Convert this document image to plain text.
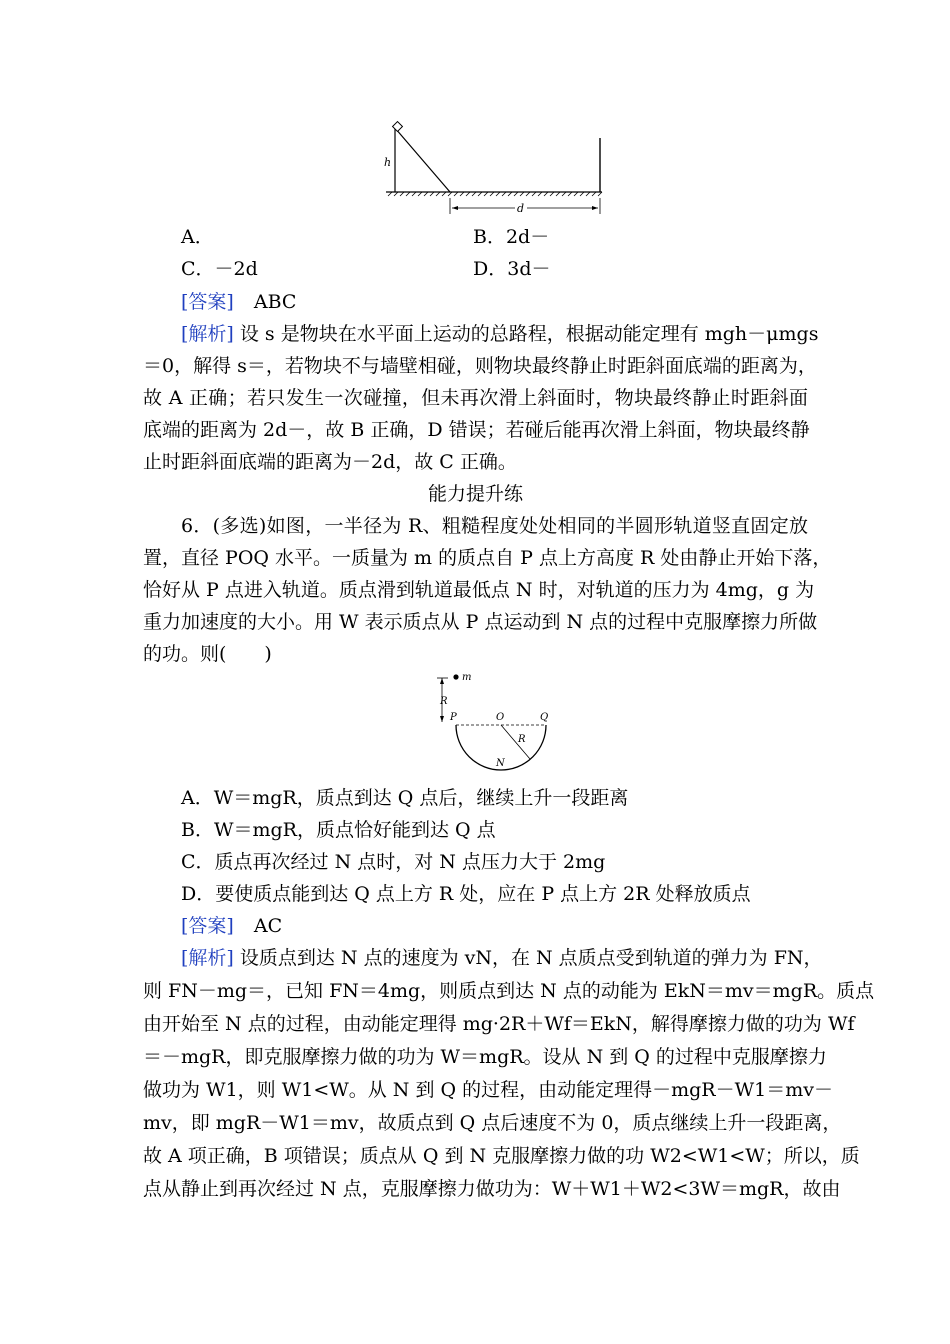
h
d
A．	B．2d－
C．－2d	D．3d－
[答案] ABC
[解析] 设 s 是物块在水平面上运动的总路程，根据动能定理有 mgh－μmgs
＝0，解得 s＝，若物块不与墙壁相碰，则物块最终静止时距斜面底端的距离为，
故 A 正确；若只发生一次碰撞，但未再次滑上斜面时，物块最终静止时距斜面
底端的距离为 2d－，故 B 正确，D 错误；若碰后能再次滑上斜面，物块最终静
止时距斜面底端的距离为－2d，故 C 正确。
能力提升练
6．(多选)如图，一半径为 R、粗糙程度处处相同的半圆形轨道竖直固定放
置，直径 POQ 水平。一质量为 m 的质点自 P 点上方高度 R 处由静止开始下落，
恰好从 P 点进入轨道。质点滑到轨道最低点 N 时，对轨道的压力为 4mg，g 为
重力加速度的大小。用 W 表示质点从 P 点运动到 N 点的过程中克服摩擦力所做
的功。则(　　)
m
R
P	O	Q
R
N
A．W＝mgR，质点到达 Q 点后，继续上升一段距离
B．W＝mgR，质点恰好能到达 Q 点
C．质点再次经过 N 点时，对 N 点压力大于 2mg
D．要使质点能到达 Q 点上方 R 处，应在 P 点上方 2R 处释放质点
[答案] AC
[解析] 设质点到达 N 点的速度为 vN，在 N 点质点受到轨道的弹力为 FN，
则 FN－mg＝，已知 FN＝4mg，则质点到达 N 点的动能为 EkN＝mv＝mgR。质点
由开始至 N 点的过程，由动能定理得 mg·2R＋Wf＝EkN，解得摩擦力做的功为 Wf
＝－mgR，即克服摩擦力做的功为 W＝mgR。设从 N 到 Q 的过程中克服摩擦力
做功为 W1，则 W1<W。从 N 到 Q 的过程，由动能定理得－mgR－W1＝mv－
mv，即 mgR－W1＝mv，故质点到 Q 点后速度不为 0，质点继续上升一段距离，
故 A 项正确，B 项错误；质点从 Q 到 N 克服摩擦力做的功 W2<W1<W；所以，质
点从静止到再次经过 N 点，克服摩擦力做功为：W＋W1＋W2<3W＝mgR，故由
